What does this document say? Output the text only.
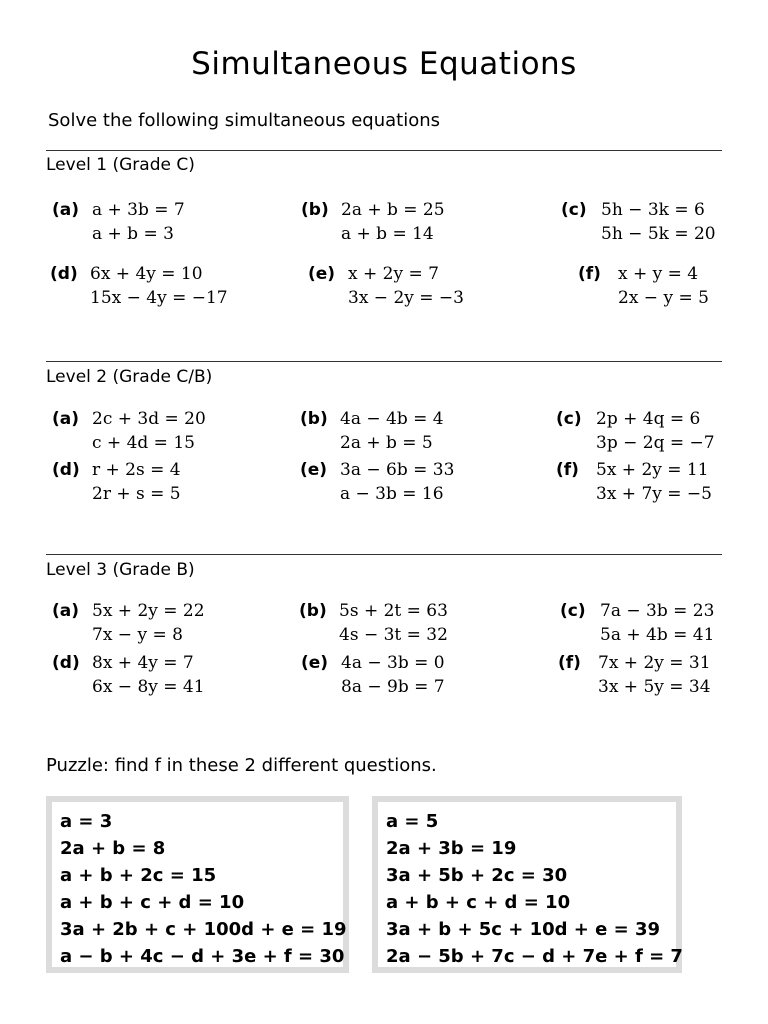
Simultaneous Equations
Solve the following simultaneous equations
Level 1 (Grade C)
(a) a + 3b = 7
a + b = 3
(b) 2a + b = 25
a + b = 14
(c) 5h − 3k = 6
5h − 5k = 20
(d) 6x + 4y = 10
15x − 4y = −17
(e) x + 2y = 7
3x − 2y = −3
(f)	x + y = 4
2x − y = 5
Level 2 (Grade C/B)
(a) 2c + 3d = 20
c + 4d = 15
(b) 4a − 4b = 4
2a + b = 5
(c) 2p + 4q = 6
3p − 2q = −7
(d) r + 2s = 4
2r + s = 5
(e) 3a − 6b = 33
a − 3b = 16
(f)	5x + 2y = 11
3x + 7y = −5
Level 3 (Grade B)
(a) 5x + 2y = 22
7x − y = 8
(b) 5s + 2t = 63
4s − 3t = 32
(c) 7a − 3b = 23
5a + 4b = 41
(d) 8x + 4y = 7
6x − 8y = 41
(e) 4a − 3b = 0
8a − 9b = 7
(f)	7x + 2y = 31
3x + 5y = 34
Puzzle: find f in these 2 different questions.
a = 3
2a + b = 8
a + b + 2c = 15
a + b + c + d = 10
3a + 2b + c + 100d + e = 19
a − b + 4c − d + 3e + f = 30
a = 5
2a + 3b = 19
3a + 5b + 2c = 30
a + b + c + d = 10
3a + b + 5c + 10d + e = 39
2a − 5b + 7c − d + 7e + f = 7
